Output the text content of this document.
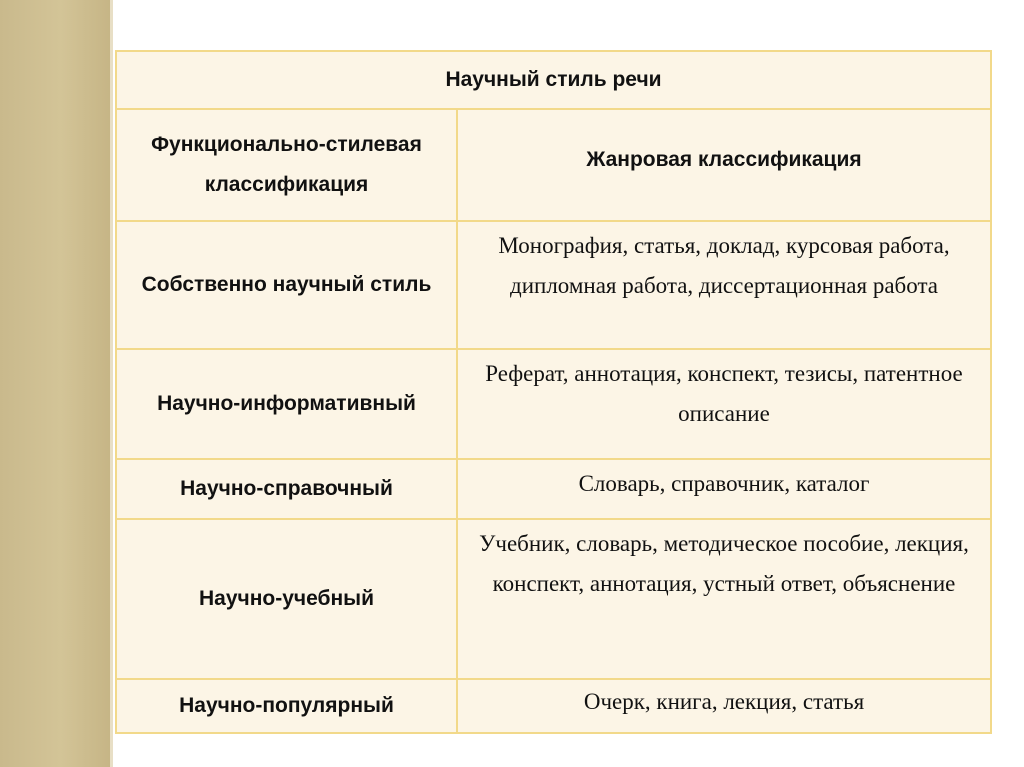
Научный стиль речи	
Функционально-стилевая классификация	Жанровая классификация
Собственно научный стиль	Монография, статья, доклад, курсовая работа, дипломная работа, диссертационная работа
Научно-информативный	Реферат, аннотация, конспект, тезисы, патентное описание
Научно-справочный	Словарь, справочник, каталог
Научно-учебный	Учебник, словарь, методическое пособие, лекция, конспект, аннотация, устный ответ, объяснение
Научно-популярный	Очерк, книга, лекция, статья
